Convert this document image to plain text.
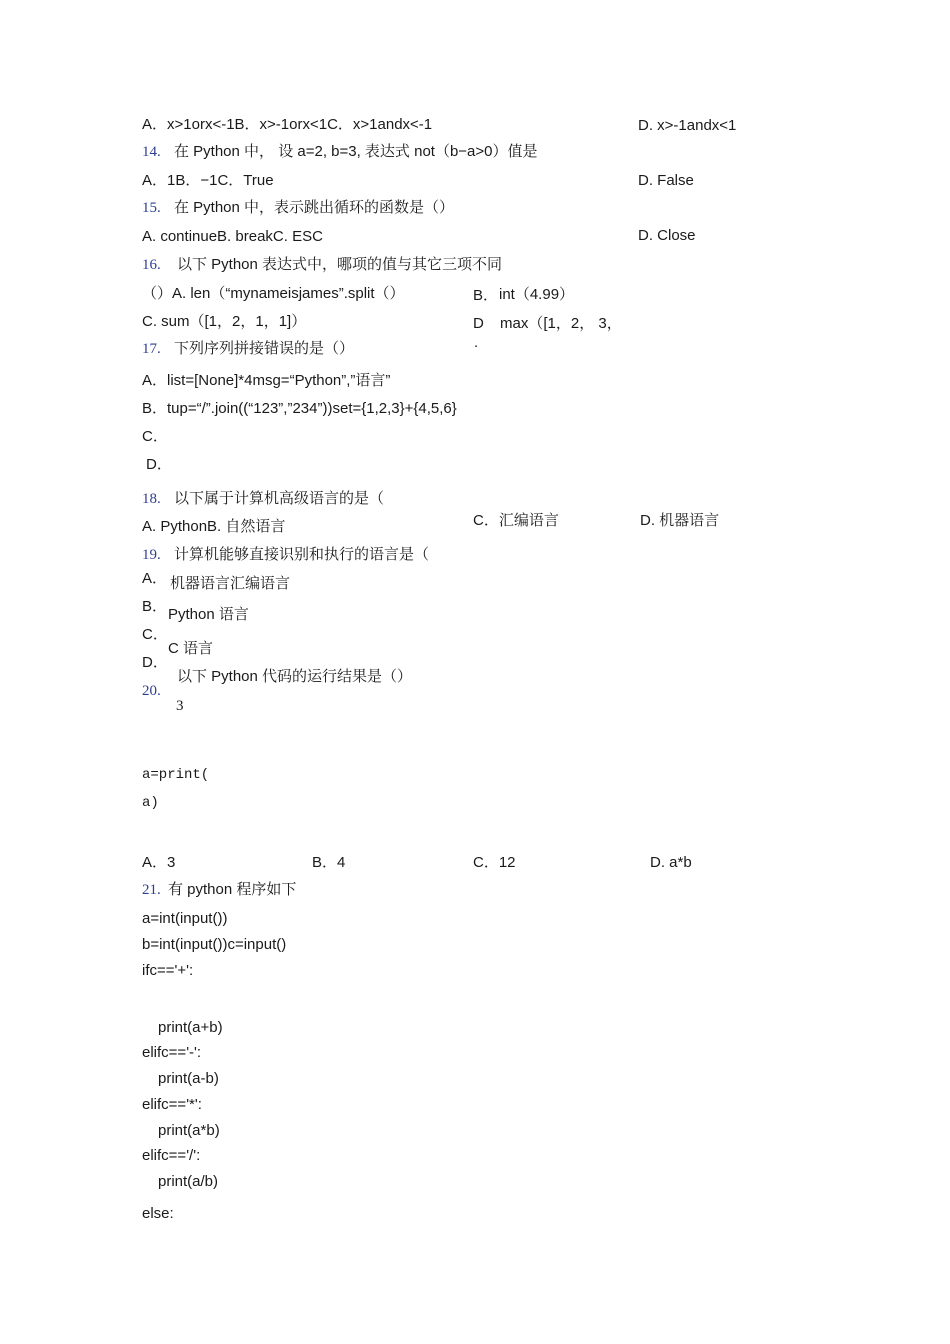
A．x>1orx<-1B．x>-1orx<1C．x>1andx<-1	D. x>-1andx<1
14. 在 Python 中， 设 a=2, b=3, 表达式 not（b−a>0）值是
A．1B．−1C．True	D. False
15. 在 Python 中，表示跳出循环的函数是（）
A. continueB. breakC. ESC	D. Close
16. 以下 Python 表达式中，哪项的值与其它三项不同
（）A. len（“mynameisjames”.split（）	B． int（4.99）
C. sum（[1，2，1，1]）	D max（[1，2， 3，
.
17. 下列序列拼接错误的是（）
A．list=[None]*4msg=“Python”,”语言”
B．tup=“/”.join((“123”,”234”))set={1,2,3}+{4,5,6}
C．
D．
18. 以下属于计算机高级语言的是（
A. PythonB. 自然语言	C．汇编语言	D. 机器语言
19. 计算机能够直接识别和执行的语言是（
A． 机器语言汇编语言
B． Python 语言
C．
C 语言
D．
20.
以下 Python 代码的运行结果是（）
3
a=print(
a)
A．3	B．4	C．12	D. a*b
21. 有 python 程序如下
a=int(input())
b=int(input())c=input()
ifc=='+':
print(a+b)
elifc=='-':
print(a-b)
elifc=='*':
print(a*b)
elifc=='/':
print(a/b)
else:
